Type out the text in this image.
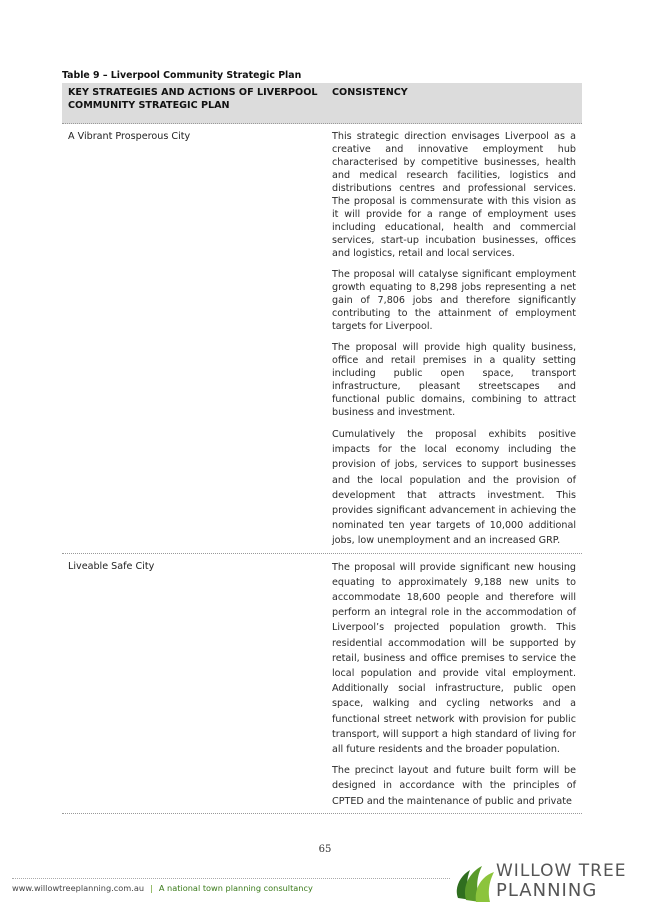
Table 9 – Liverpool Community Strategic Plan
KEY STRATEGIES AND ACTIONS OF LIVERPOOL COMMUNITY STRATEGIC PLAN
CONSISTENCY
A Vibrant Prosperous City	This strategic direction envisages Liverpool as a creative and innovative employment hub characterised by competitive businesses, health and medical research facilities, logistics and distributions centres and professional services. The proposal is commensurate with this vision as it will provide for a range of employment uses including educational, health and commercial services, start-up incubation businesses, offices and logistics, retail and local services.

The proposal will catalyse significant employment growth equating to 8,298 jobs representing a net gain of 7,806 jobs and therefore significantly contributing to the attainment of employment targets for Liverpool.

The proposal will provide high quality business, office and retail premises in a quality setting including public open space, transport infrastructure, pleasant streetscapes and functional public domains, combining to attract business and investment.

Cumulatively the proposal exhibits positive impacts for the local economy including the provision of jobs, services to support businesses and the local population and the provision of development that attracts investment. This provides significant advancement in achieving the nominated ten year targets of 10,000 additional jobs, low unemployment and an increased GRP.

Liveable Safe City	The proposal will provide significant new housing equating to approximately 9,188 new units to accommodate 18,600 people and therefore will perform an integral role in the accommodation of Liverpool’s projected population growth. This residential accommodation will be supported by retail, business and office premises to service the local population and provide vital employment. Additionally social infrastructure, public open space, walking and cycling networks and a functional street network with provision for public transport, will support a high standard of living for all future residents and the broader population.

The precinct layout and future built form will be designed in accordance with the principles of CPTED and the maintenance of public and private

65
www.willowtreeplanning.com.au | A national town planning consultancy
WILLOW TREE
PLANNING
